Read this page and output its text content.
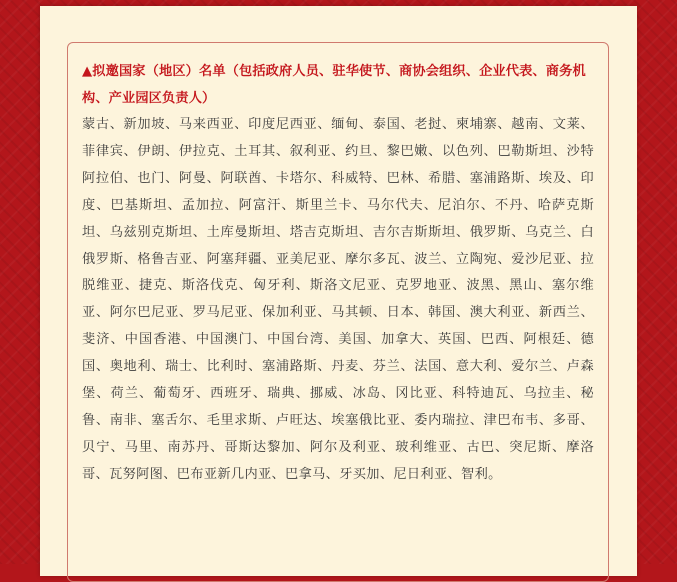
▲拟邀国家（地区）名单（包括政府人员、驻华使节、商协会组织、企业代表、商务机构、产业园区负责人）

蒙古、新加坡、马来西亚、印度尼西亚、缅甸、泰国、老挝、柬埔寨、越南、文莱、菲律宾、伊朗、伊拉克、土耳其、叙利亚、约旦、黎巴嫩、以色列、巴勒斯坦、沙特阿拉伯、也门、阿曼、阿联酋、卡塔尔、科威特、巴林、希腊、塞浦路斯、埃及、印度、巴基斯坦、孟加拉、阿富汗、斯里兰卡、马尔代夫、尼泊尔、不丹、哈萨克斯坦、乌兹别克斯坦、土库曼斯坦、塔吉克斯坦、吉尔吉斯斯坦、俄罗斯、乌克兰、白俄罗斯、格鲁吉亚、阿塞拜疆、亚美尼亚、摩尔多瓦、波兰、立陶宛、爱沙尼亚、拉脱维亚、捷克、斯洛伐克、匈牙利、斯洛文尼亚、克罗地亚、波黑、黑山、塞尔维亚、阿尔巴尼亚、罗马尼亚、保加利亚、马其顿、日本、韩国、澳大利亚、新西兰、斐济、中国香港、中国澳门、中国台湾、美国、加拿大、英国、巴西、阿根廷、德国、奥地利、瑞士、比利时、塞浦路斯、丹麦、芬兰、法国、意大利、爱尔兰、卢森堡、荷兰、葡萄牙、西班牙、瑞典、挪威、冰岛、冈比亚、科特迪瓦、乌拉圭、秘鲁、南非、塞舌尔、毛里求斯、卢旺达、埃塞俄比亚、委内瑞拉、津巴布韦、多哥、贝宁、马里、南苏丹、哥斯达黎加、阿尔及利亚、玻利维亚、古巴、突尼斯、摩洛哥、瓦努阿图、巴布亚新几内亚、巴拿马、牙买加、尼日利亚、智利。
